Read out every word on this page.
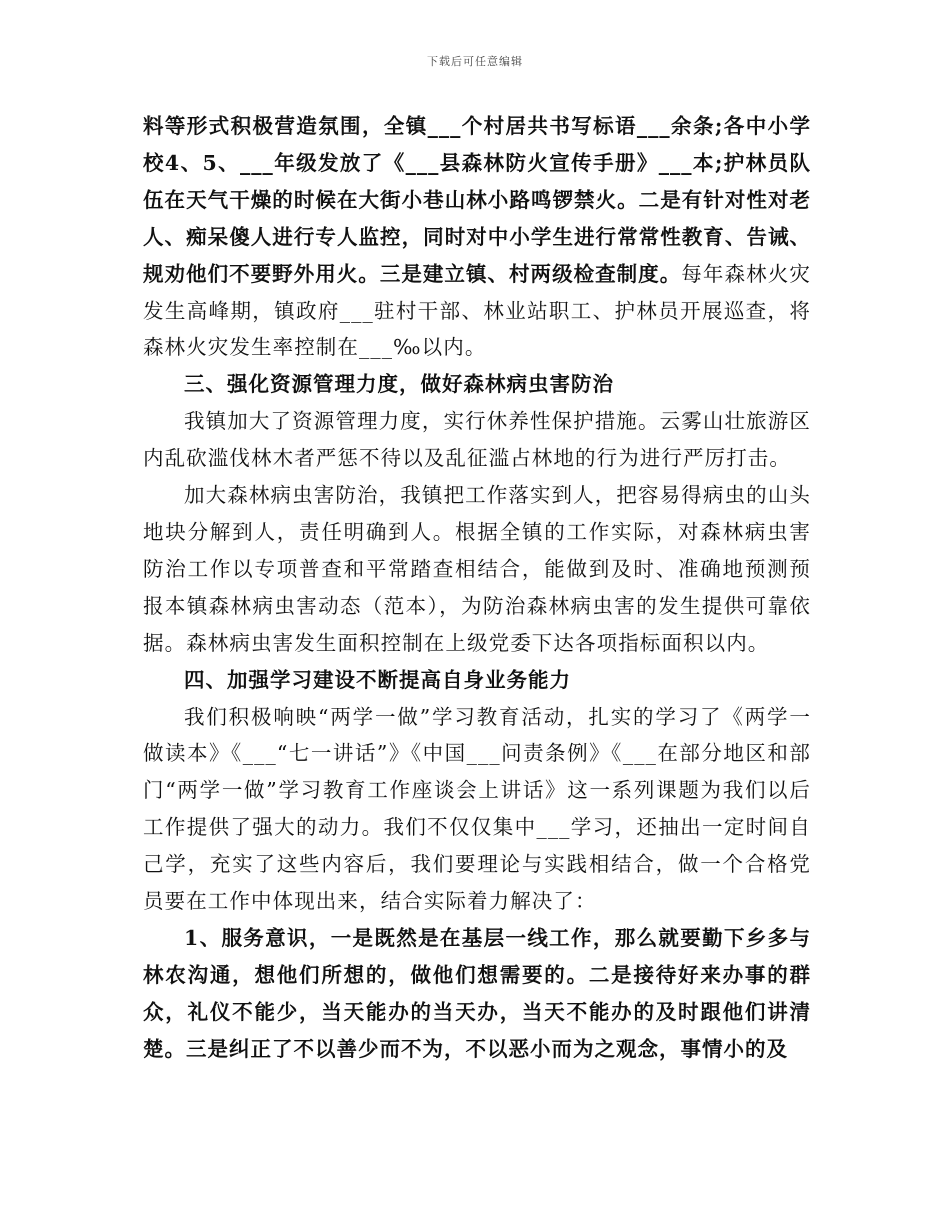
下载后可任意编辑

料等形式积极营造氛围，全镇___个村居共书写标语___余条;各中小学校4、5、___年级发放了《___县森林防火宣传手册》___本;护林员队伍在天气干燥的时候在大街小巷山林小路鸣锣禁火。二是有针对性对老人、痴呆傻人进行专人监控，同时对中小学生进行常常性教育、告诫、规劝他们不要野外用火。三是建立镇、村两级检查制度。每年森林火灾发生高峰期，镇政府___驻村干部、林业站职工、护林员开展巡查，将森林火灾发生率控制在___‰以内。

三、强化资源管理力度，做好森林病虫害防治

我镇加大了资源管理力度，实行休养性保护措施。云雾山壮旅游区内乱砍滥伐林木者严惩不待以及乱征滥占林地的行为进行严厉打击。

加大森林病虫害防治，我镇把工作落实到人，把容易得病虫的山头地块分解到人，责任明确到人。根据全镇的工作实际，对森林病虫害防治工作以专项普查和平常踏查相结合，能做到及时、准确地预测预报本镇森林病虫害动态（范本），为防治森林病虫害的发生提供可靠依据。森林病虫害发生面积控制在上级党委下达各项指标面积以内。

四、加强学习建设不断提高自身业务能力

我们积极响映“两学一做”学习教育活动，扎实的学习了《两学一做读本》《___“七一讲话”》《中国___问责条例》《___在部分地区和部门“两学一做”学习教育工作座谈会上讲话》这一系列课题为我们以后工作提供了强大的动力。我们不仅仅集中___学习，还抽出一定时间自己学，充实了这些内容后，我们要理论与实践相结合，做一个合格党员要在工作中体现出来，结合实际着力解决了：

1、服务意识，一是既然是在基层一线工作，那么就要勤下乡多与林农沟通，想他们所想的，做他们想需要的。二是接待好来办事的群众，礼仪不能少，当天能办的当天办，当天不能办的及时跟他们讲清楚。三是纠正了不以善少而不为，不以恶小而为之观念，事情小的及
